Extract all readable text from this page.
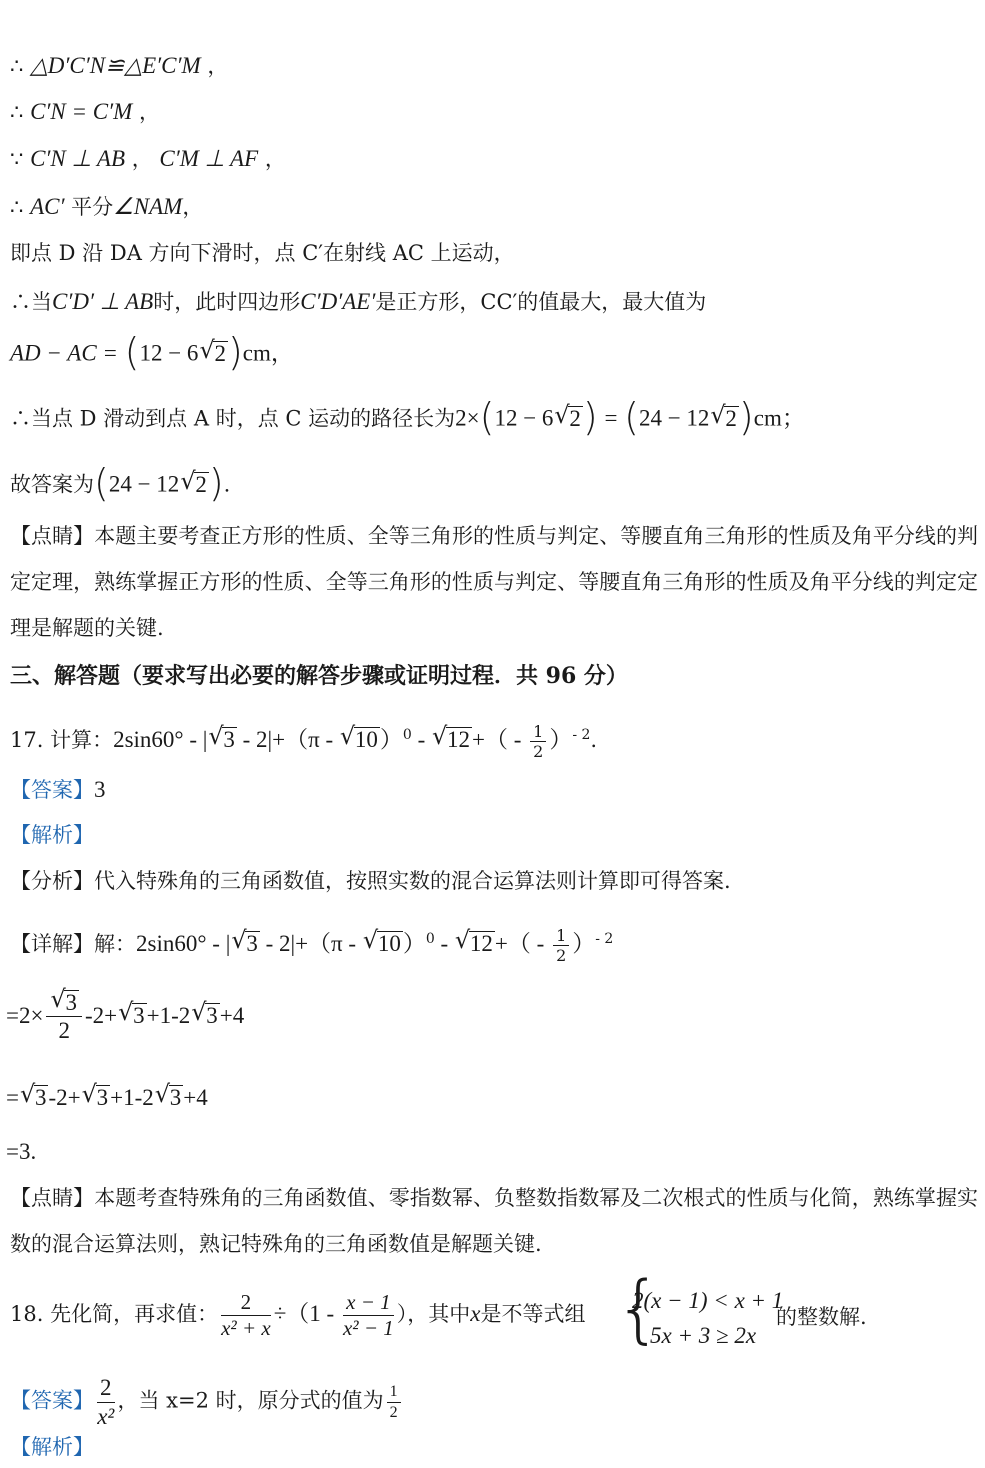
∴ △D′C′N≌△E′C′M ，
∴ C′N = C′M ，
∵ C′N ⊥ AB ， C′M ⊥ AF ，
∴ AC′ 平分∠NAM，
即点 D 沿 DA 方向下滑时，点 C′在射线 AC 上运动，
∴当C′D′ ⊥ AB时，此时四边形C′D′AE′是正方形，CC′的值最大，最大值为
AD − AC = (12 − 6√ 2)cm，
∴当点 D 滑动到点 A 时，点 C 运动的路径长为2×(12 − 6√ 2) = (24 − 12√ 2)cm；
故答案为(24 − 12√ 2).
【点睛】本题主要考查正方形的性质、全等三角形的性质与判定、等腰直角三角形的性质及角平分线的判定定理，熟练掌握正方形的性质、全等三角形的性质与判定、等腰直角三角形的性质及角平分线的判定定理是解题的关键.
三、解答题（要求写出必要的解答步骤或证明过程．共 96 分）
17. 计算：2sin60° - |√ 3 - 2|+（π - √ 10）$^0$ - √ $12+( - \frac{1}{2} )^{- 2}$.
【答案】3
【解析】
【分析】代入特殊角的三角函数值，按照实数的混合运算法则计算即可得答案.
【详解】解：2sin60° - |√ 3 - 2|+（π - √ 10）$^0$ - √ $12+( - \frac{1}{2} )^{- 2}$
=2×
√ $\frac{3}{2} -2+√$ 3+1-2√ 3+4
=√ 3-2+√ 3+1-2√ 3+4
=3.
【点睛】本题考查特殊角的三角函数值、零指数幂、负整数指数幂及二次根式的性质与化简，熟练掌握实数的混合运算法则，熟记特殊角的三角函数值是解题关键.
18. 先化简，再求值： $\frac{2}{\text{x² + x}} \div(1 - \frac{x - 1}{\text{x² − 1}}$ ），其中x是不等式组 {
2(x − 1) < x + 1
5x + 3 ≥ 2x
的整数解.
【答案】 $\frac{2}{\text{x²}}$ ，当 x=2 时，原分式的值为 $\frac{1}{2}$
【解析】
